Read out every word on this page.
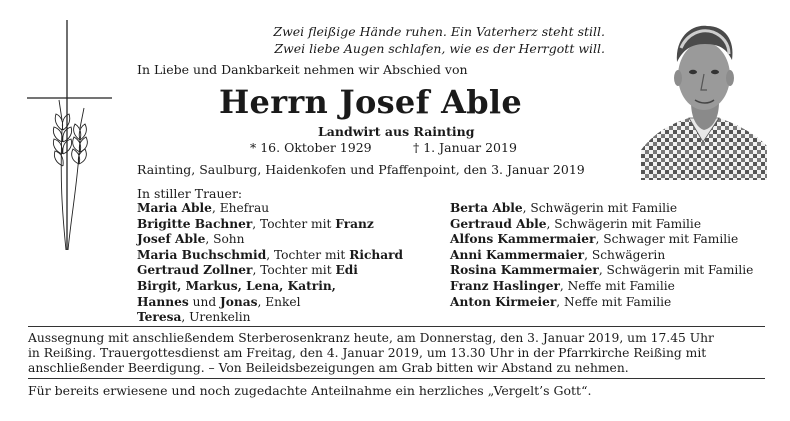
Zwei fleißige Hände ruhen. Ein Vaterherz steht still.
Zwei liebe Augen schlafen, wie es der Herrgott will.
In Liebe und Dankbarkeit nehmen wir Abschied von
Herrn Josef Able
Landwirt aus Rainting
* 16. Oktober 1929	† 1. Januar 2019
Rainting, Saulburg, Haidenkofen und Pfaffenpoint, den 3. Januar 2019
In stiller Trauer:
Maria Able, Ehefrau
Brigitte Bachner, Tochter mit Franz
Josef Able, Sohn
Maria Buchschmid, Tochter mit Richard
Gertraud Zollner, Tochter mit Edi
Birgit, Markus, Lena, Katrin,
Hannes und Jonas, Enkel
Teresa, Urenkelin
Berta Able, Schwägerin mit Familie
Gertraud Able, Schwägerin mit Familie
Alfons Kammermaier, Schwager mit Familie
Anni Kammermaier, Schwägerin
Rosina Kammermaier, Schwägerin mit Familie
Franz Haslinger, Neffe mit Familie
Anton Kirmeier, Neffe mit Familie
Aussegnung mit anschließendem Sterberosenkranz heute, am Donnerstag, den 3. Januar 2019, um 17.45 Uhr
in Reißing. Trauergottesdienst am Freitag, den 4. Januar 2019, um 13.30 Uhr in der Pfarrkirche Reißing mit
anschließender Beerdigung. – Von Beileidsbezeigungen am Grab bitten wir Abstand zu nehmen.
Für bereits erwiesene und noch zugedachte Anteilnahme ein herzliches „Vergelt’s Gott“.
